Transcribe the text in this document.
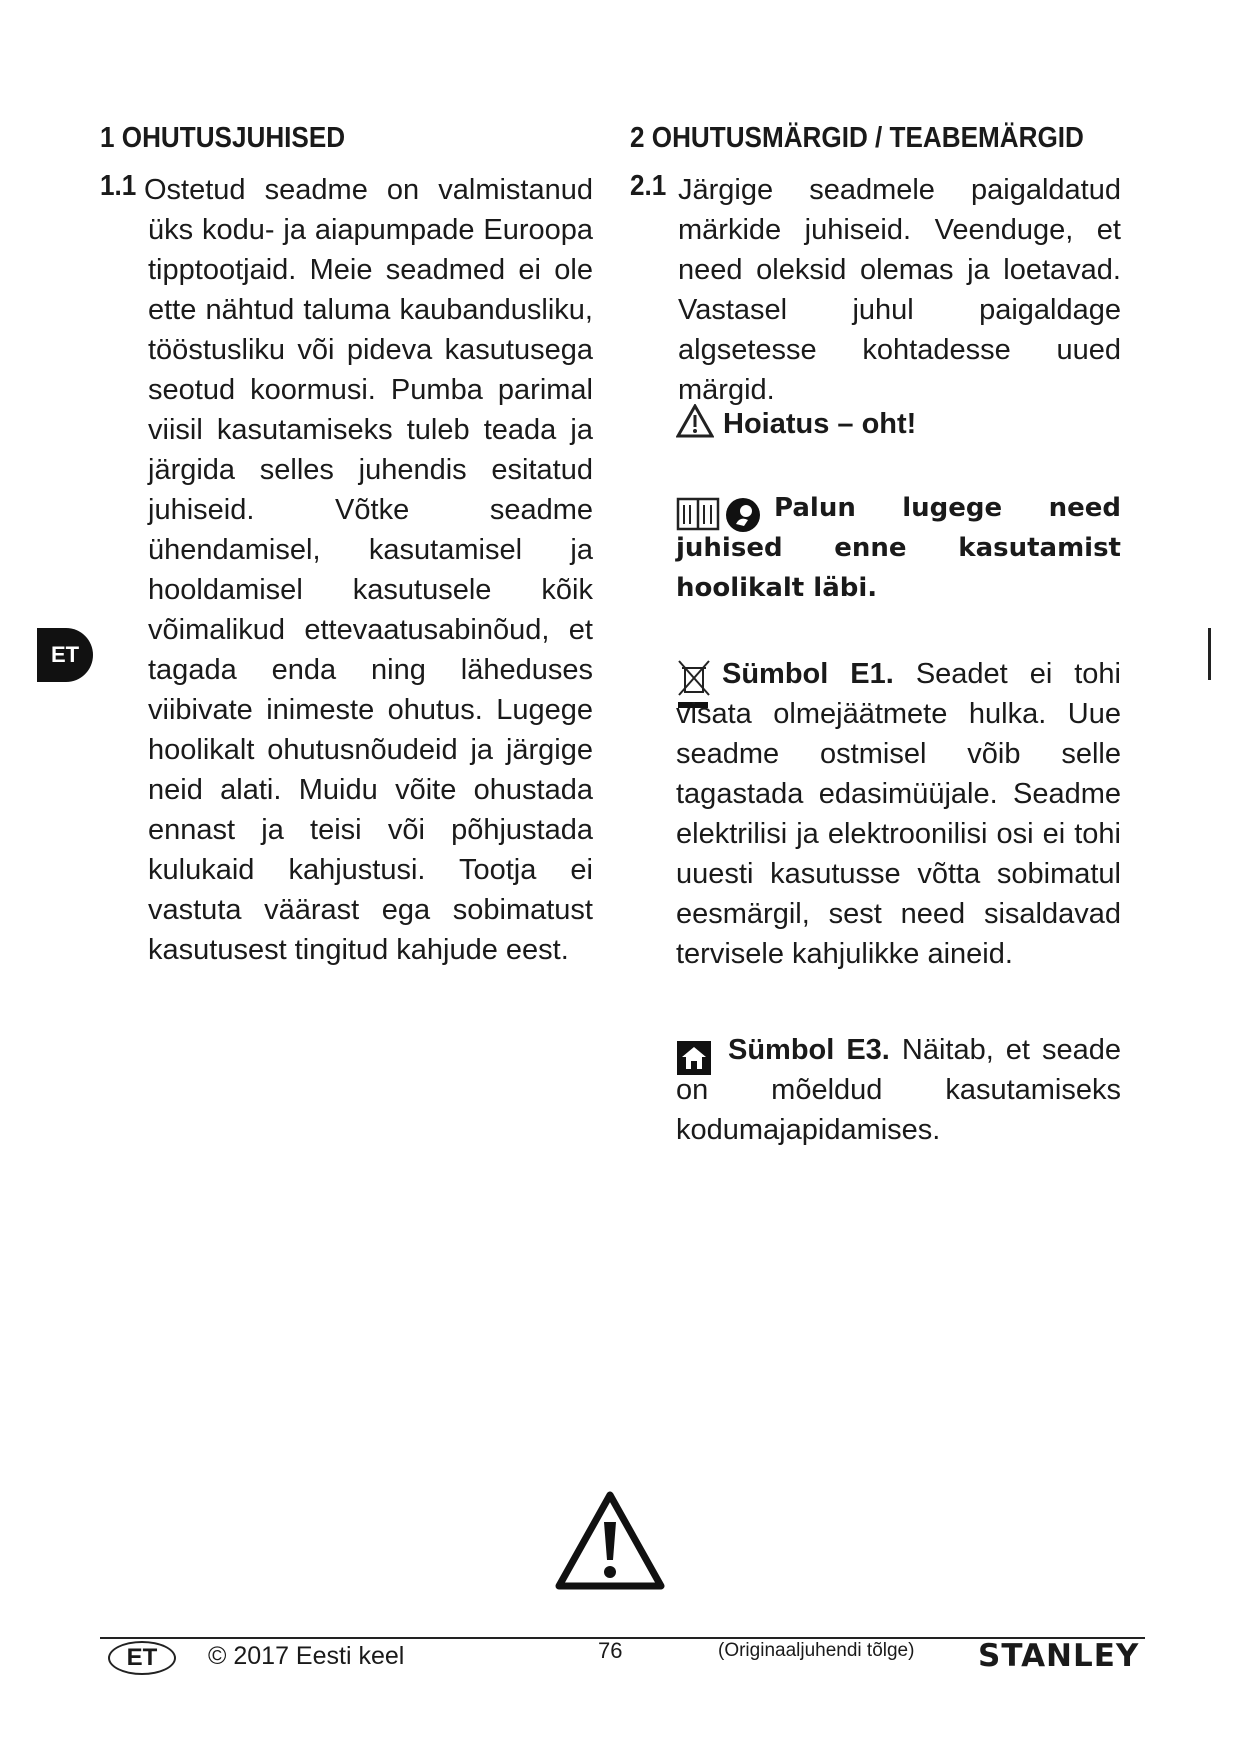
1 OHUTUSJUHISED
1.1 Ostetud seadme on valmistanud üks kodu- ja aiapumpade Euroopa tipptootjaid. Meie seadmed ei ole ette nähtud taluma kaubandusliku, tööstusliku või pideva kasutusega seotud koormusi. Pumba parimal viisil kasutamiseks tuleb teada ja järgida selles juhendis esitatud juhiseid. Võtke seadme ühendamisel, kasutamisel ja hooldamisel kasutusele kõik võimalikud ettevaatusabinõud, et tagada enda ning läheduses viibivate inimeste ohutus. Lugege hoolikalt ohutusnõudeid ja järgige neid alati. Muidu võite ohustada ennast ja teisi või põhjustada kulukaid kahjustusi. Tootja ei vastuta väärast ega sobimatust kasutusest tingitud kahjude eest.
ET
2 OHUTUSMÄRGID / TEABEMÄRGID
2.1 Järgige seadmele paigaldatud märkide juhiseid. Veenduge, et need oleksid olemas ja loetavad. Vastasel juhul paigaldage algsetesse kohtadesse uued märgid.
Hoiatus – oht!
Palun lugege need juhised enne kasutamist hoolikalt läbi.
Sümbol E1. Seadet ei tohi visata olmejäätmete hulka. Uue seadme ostmisel võib selle tagastada edasimüüjale. Seadme elektrilisi ja elektroonilisi osi ei tohi uuesti kasutusse võtta sobimatul eesmärgil, sest need sisaldavad tervisele kahjulikke aineid.
Sümbol E3. Näitab, et seade on mõeldud kasutamiseks kodumajapidamises.
ET	© 2017 Eesti keel	76	(Originaaljuhendi tõlge) STANLEY
